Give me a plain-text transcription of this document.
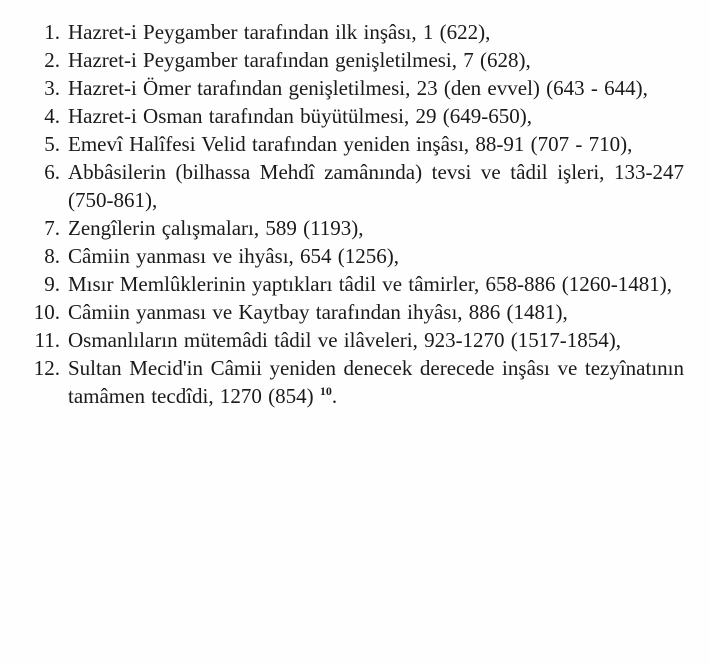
1. Hazret-i Peygamber tarafından ilk inşâsı, 1 (622),
2. Hazret-i Peygamber tarafından genişletilmesi, 7 (628),
3. Hazret-i Ömer tarafından genişletilmesi, 23 (den evvel) (643 - 644),
4. Hazret-i Osman tarafından büyütülmesi, 29 (649-650),
5. Emevî Halîfesi Velid tarafından yeniden inşâsı, 88-91 (707 - 710),
6. Abbâsilerin (bilhassa Mehdî zamânında) tevsi ve tâdil işleri, 133-247 (750-861),
7. Zengîlerin çalışmaları, 589 (1193),
8. Câmiin yanması ve ihyâsı, 654 (1256),
9. Mısır Memlûklerinin yaptıkları tâdil ve tâmirler, 658-886 (1260-1481),
10. Câmiin yanması ve Kaytbay tarafından ihyâsı, 886 (1481),
11. Osmanlıların mütemâdi tâdil ve ilâveleri, 923-1270 (1517-1854),
12. Sultan Mecid'in Câmii yeniden denecek derecede inşâsı ve tezyînatının tamâmen tecdîdi, 1270 (854) $^{10}$.
